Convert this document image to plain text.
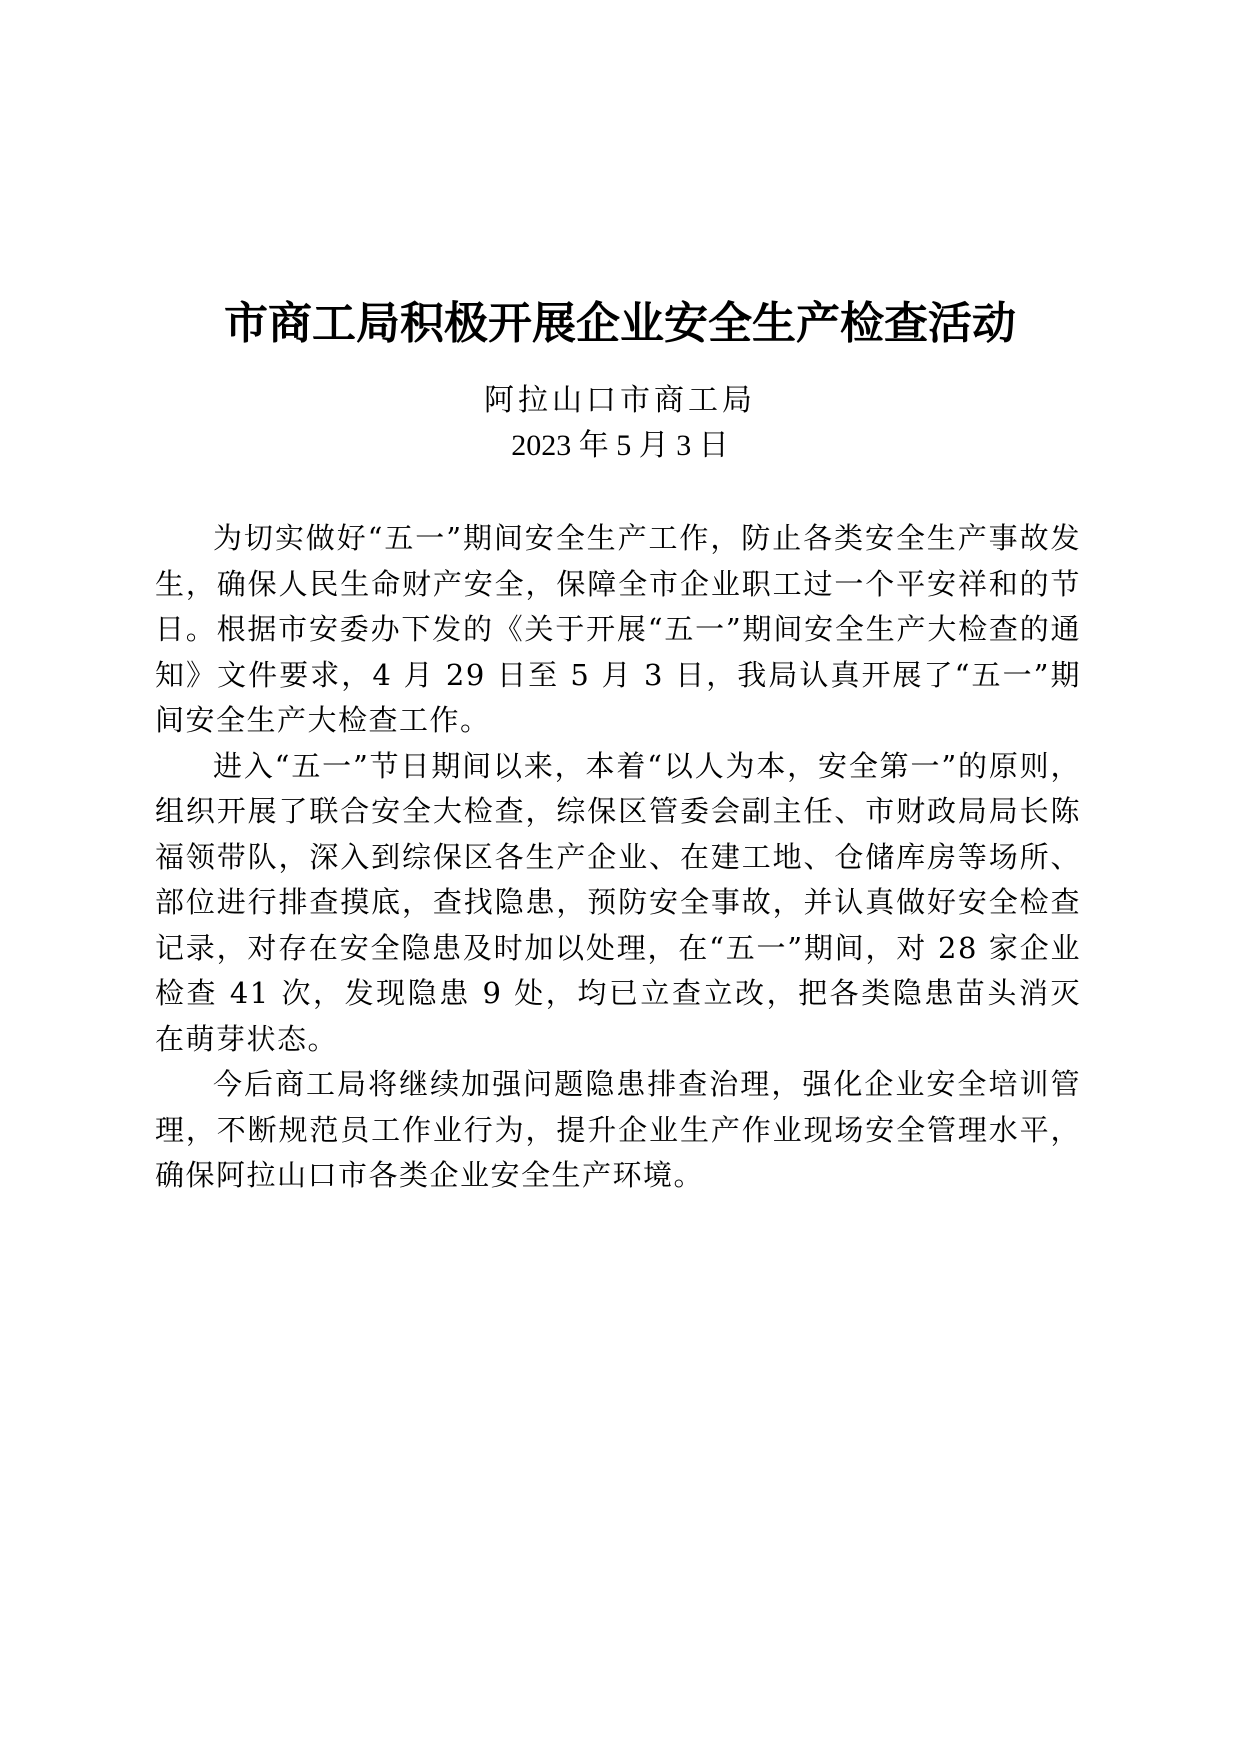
市商工局积极开展企业安全生产检查活动
阿拉山口市商工局
2023 年 5 月 3 日

为切实做好“五一”期间安全生产工作，防止各类安全生产事故发生，确保人民生命财产安全，保障全市企业职工过一个平安祥和的节日。根据市安委办下发的《关于开展“五一”期间安全生产大检查的通知》文件要求，4 月 29 日至 5 月 3 日，我局认真开展了“五一”期间安全生产大检查工作。

进入“五一”节日期间以来，本着“以人为本，安全第一”的原则，组织开展了联合安全大检查，综保区管委会副主任、市财政局局长陈福领带队，深入到综保区各生产企业、在建工地、仓储库房等场所、部位进行排查摸底，查找隐患，预防安全事故，并认真做好安全检查记录，对存在安全隐患及时加以处理，在“五一”期间，对 28 家企业检查 41 次，发现隐患 9 处，均已立查立改，把各类隐患苗头消灭在萌芽状态。

今后商工局将继续加强问题隐患排查治理，强化企业安全培训管理，不断规范员工作业行为，提升企业生产作业现场安全管理水平，确保阿拉山口市各类企业安全生产环境。
